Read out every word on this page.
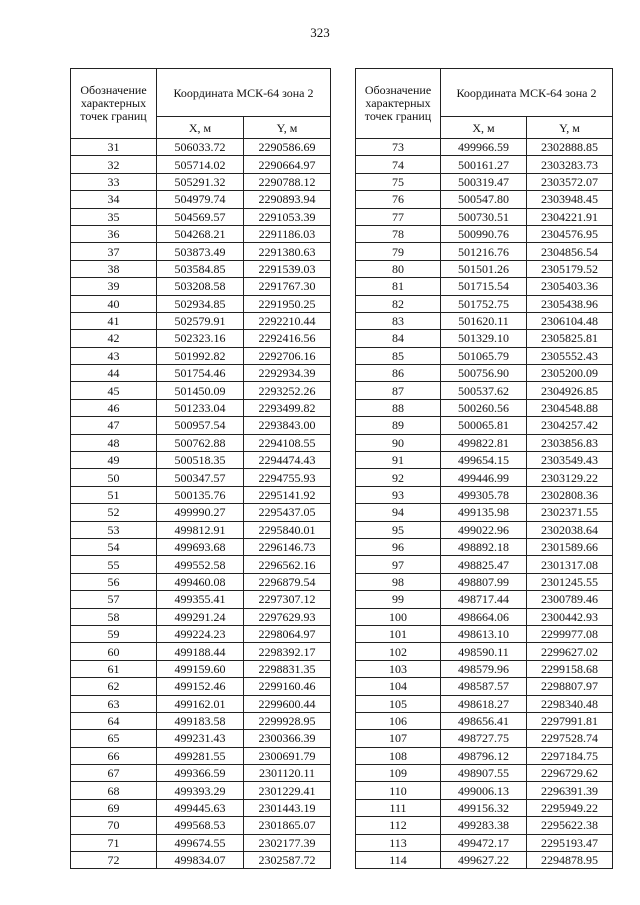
323
Обозначение характерных точек границ	Координата МСК-64 зона 2	
	X, м	Y, м
31	506033.72	2290586.69
32	505714.02	2290664.97
33	505291.32	2290788.12
34	504979.74	2290893.94
35	504569.57	2291053.39
36	504268.21	2291186.03
37	503873.49	2291380.63
38	503584.85	2291539.03
39	503208.58	2291767.30
40	502934.85	2291950.25
41	502579.91	2292210.44
42	502323.16	2292416.56
43	501992.82	2292706.16
44	501754.46	2292934.39
45	501450.09	2293252.26
46	501233.04	2293499.82
47	500957.54	2293843.00
48	500762.88	2294108.55
49	500518.35	2294474.43
50	500347.57	2294755.93
51	500135.76	2295141.92
52	499990.27	2295437.05
53	499812.91	2295840.01
54	499693.68	2296146.73
55	499552.58	2296562.16
56	499460.08	2296879.54
57	499355.41	2297307.12
58	499291.24	2297629.93
59	499224.23	2298064.97
60	499188.44	2298392.17
61	499159.60	2298831.35
62	499152.46	2299160.46
63	499162.01	2299600.44
64	499183.58	2299928.95
65	499231.43	2300366.39
66	499281.55	2300691.79
67	499366.59	2301120.11
68	499393.29	2301229.41
69	499445.63	2301443.19
70	499568.53	2301865.07
71	499674.55	2302177.39
72	499834.07	2302587.72
Обозначение характерных точек границ	Координата МСК-64 зона 2	
	X, м	Y, м
73	499966.59	2302888.85
74	500161.27	2303283.73
75	500319.47	2303572.07
76	500547.80	2303948.45
77	500730.51	2304221.91
78	500990.76	2304576.95
79	501216.76	2304856.54
80	501501.26	2305179.52
81	501715.54	2305403.36
82	501752.75	2305438.96
83	501620.11	2306104.48
84	501329.10	2305825.81
85	501065.79	2305552.43
86	500756.90	2305200.09
87	500537.62	2304926.85
88	500260.56	2304548.88
89	500065.81	2304257.42
90	499822.81	2303856.83
91	499654.15	2303549.43
92	499446.99	2303129.22
93	499305.78	2302808.36
94	499135.98	2302371.55
95	499022.96	2302038.64
96	498892.18	2301589.66
97	498825.47	2301317.08
98	498807.99	2301245.55
99	498717.44	2300789.46
100	498664.06	2300442.93
101	498613.10	2299977.08
102	498590.11	2299627.02
103	498579.96	2299158.68
104	498587.57	2298807.97
105	498618.27	2298340.48
106	498656.41	2297991.81
107	498727.75	2297528.74
108	498796.12	2297184.75
109	498907.55	2296729.62
110	499006.13	2296391.39
111	499156.32	2295949.22
112	499283.38	2295622.38
113	499472.17	2295193.47
114	499627.22	2294878.95
